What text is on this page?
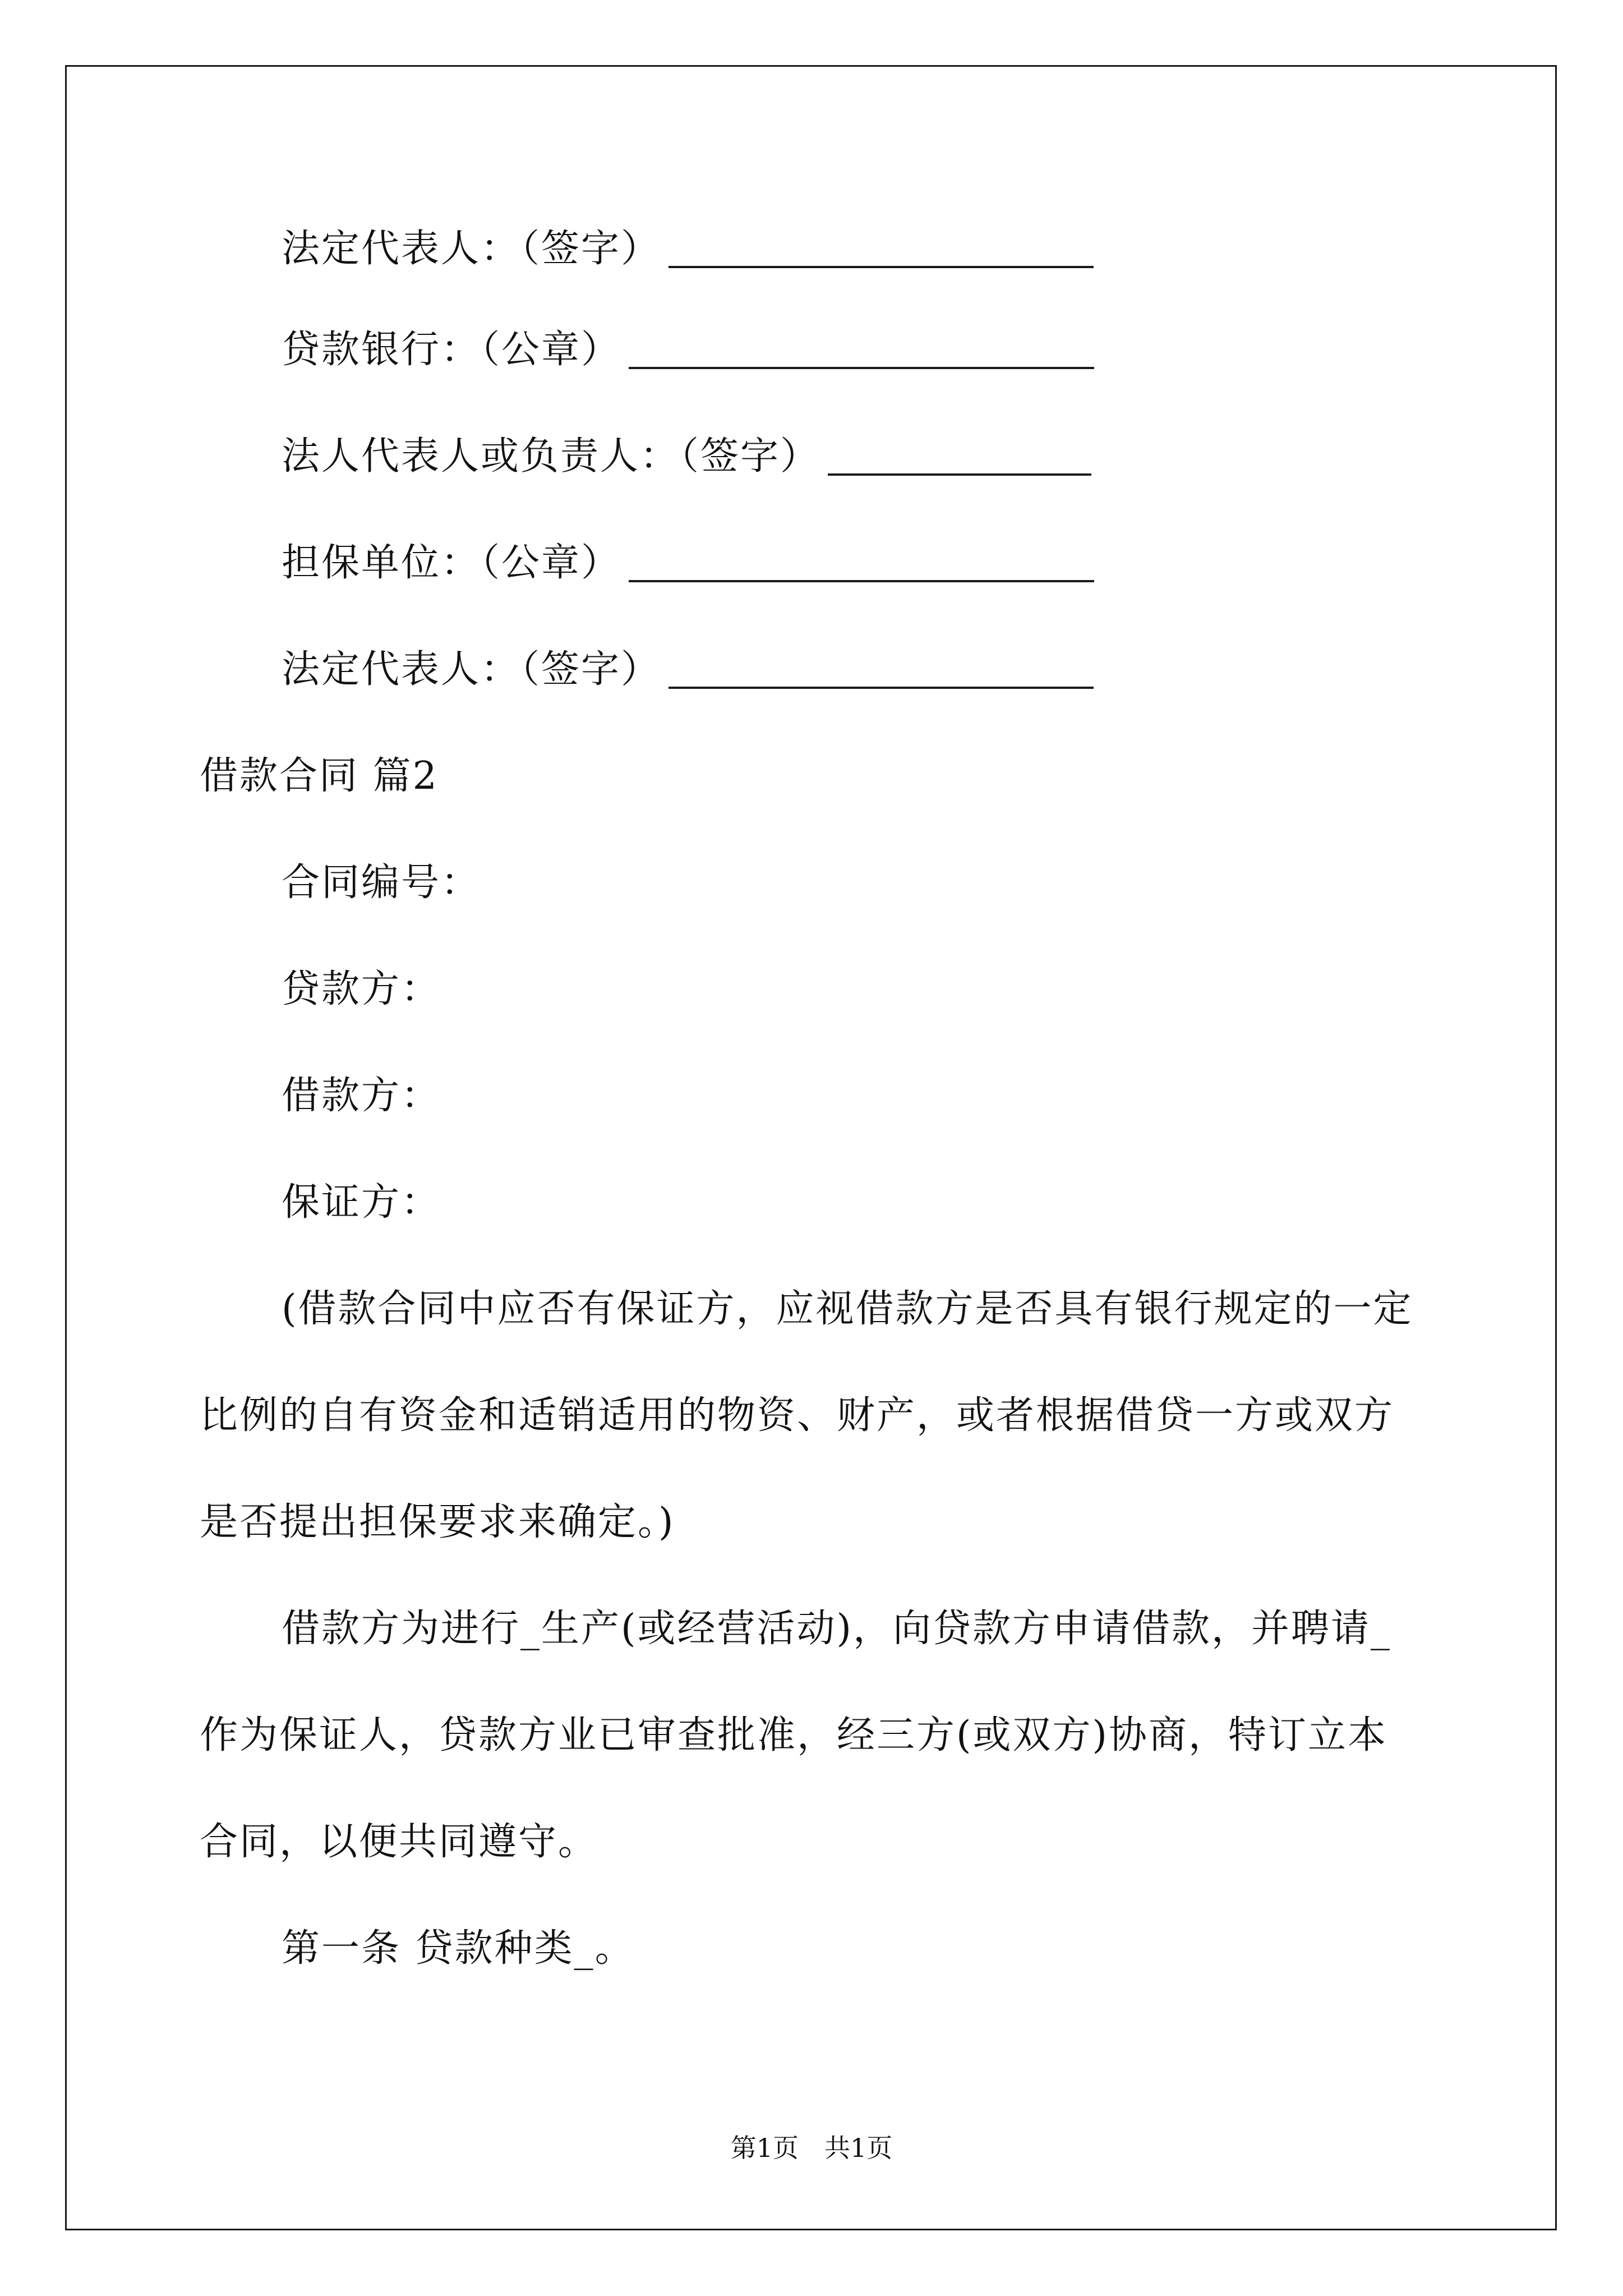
法定代表人：（签字）
贷款银行：（公章）
法人代表人或负责人：（签字）
担保单位：（公章）
法定代表人：（签字）
借款合同 篇2
合同编号：
贷款方：
借款方：
保证方：
(借款合同中应否有保证方，应视借款方是否具有银行规定的一定
比例的自有资金和适销适用的物资、财产，或者根据借贷一方或双方
是否提出担保要求来确定。)
借款方为进行_生产(或经营活动)，向贷款方申请借款，并聘请_
作为保证人，贷款方业已审查批准，经三方(或双方)协商，特订立本
合同，以便共同遵守。
第一条 贷款种类_。
第1页　共1页
